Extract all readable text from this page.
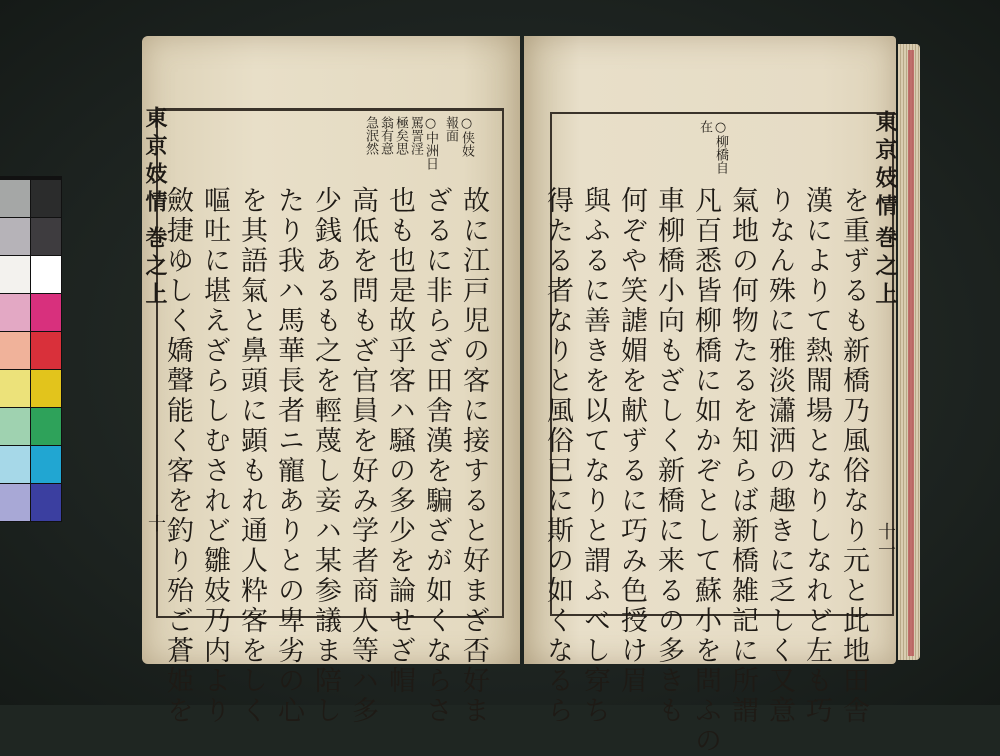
東京妓情
巻之上
十
○侠妓
報面
○中洲日
罵詈淫
極矣思
翁有意
急泯然
故に江戸児の客に接すると好まざ否好ま
ざるに非らざ田舎漢を騙ざが如くならさ
也も也是故乎客ハ騒の多少を論せざ帽
高低を問もざ官員を好み学者商人等ハ多
少銭あるも之を輕蔑し妾ハ某参議ま陪し
たり我ハ馬華長者ニ寵ありとの卑劣の心
を其語氣と鼻頭に顕もれ通人粋客をしく
嘔吐に堪えざらしむされど雛妓乃内より
斂捷ゆしく嬌聲能く客を釣り殆ご蒼姫を
東京妓情
巻之上
十一
○柳橋自
在
を重ずるも新橋乃風俗なり元と此地田舎
漢によりて熱閙場となりしなれど左も巧
りなん殊に雅淡瀟洒の趣きに乏しく又意
氣地の何物たるを知らば新橋雑記に所謂
凡百悉皆柳橋に如かぞとして蘇小を問ふの
車柳橋小向もざしく新橋に来るの多きも
何ぞや笑謔媚を献ずるに巧み色授け眉
與ふるに善きを以てなりと謂ふべし穿ち
得たる者なりと風俗已に斯の如くなるら
